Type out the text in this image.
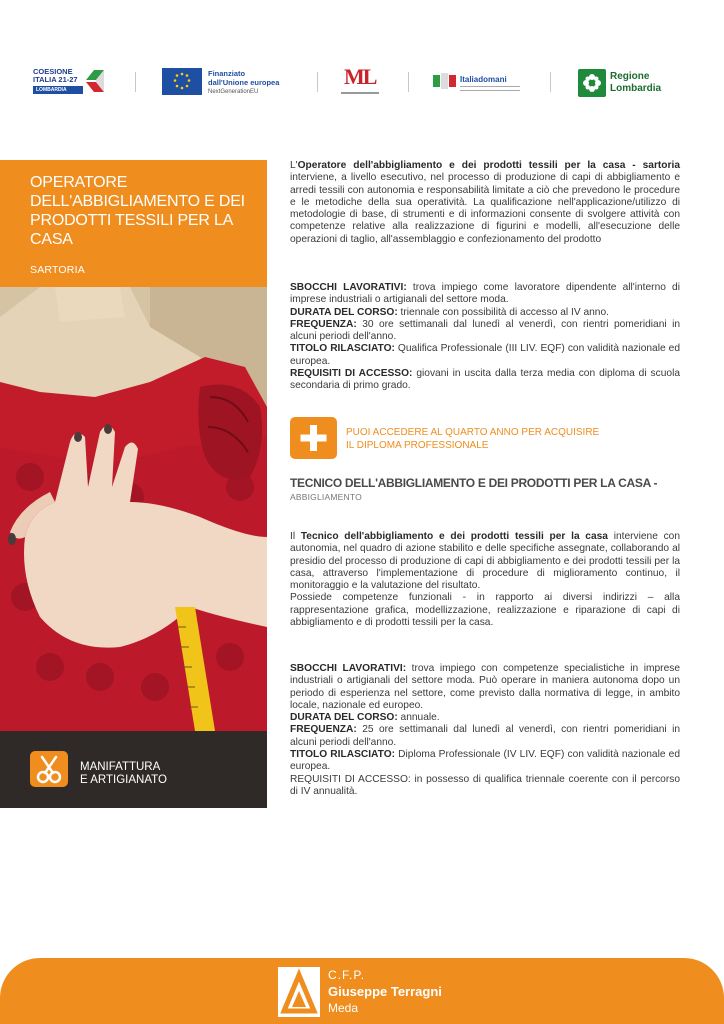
COESIONE
ITALIA 21-27
LOMBARDIA
Finanziato
dall'Unione europea
NextGenerationEU
ML	Italiadomani	Regione
Lombardia
OPERATORE DELL'ABBIGLIAMENTO E DEI PRODOTTI TESSILI PER LA CASA
SARTORIA
MANIFATTURA
E ARTIGIANATO
L'Operatore dell'abbigliamento e dei prodotti tessili per la casa - sartoria interviene, a livello esecutivo, nel processo di produzione di capi di abbigliamento e arredi tessili con autonomia e responsabilità limitate a ciò che prevedono le procedure e le metodiche della sua operatività. La qualificazione nell'applicazione/utilizzo di metodologie di base, di strumenti e di informazioni consente di svolgere attività con competenze relative alla realizzazione di figurini e modelli, all'esecuzione delle operazioni di taglio, all'assemblaggio e confezionamento del prodotto
SBOCCHI LAVORATIVI: trova impiego come lavoratore dipendente all'interno di imprese industriali o artigianali del settore moda.
DURATA DEL CORSO: triennale con possibilità di accesso al IV anno.
FREQUENZA: 30 ore settimanali dal lunedì al venerdì, con rientri pomeridiani in alcuni periodi dell'anno.
TITOLO RILASCIATO: Qualifica Professionale (III LIV. EQF) con validità nazionale ed europea.
REQUISITI DI ACCESSO: giovani in uscita dalla terza media con diploma di scuola secondaria di primo grado.
PUOI ACCEDERE AL QUARTO ANNO PER ACQUISIRE
IL DIPLOMA PROFESSIONALE
TECNICO DELL'ABBIGLIAMENTO E DEI PRODOTTI PER LA CASA -
ABBIGLIAMENTO
Il Tecnico dell'abbigliamento e dei prodotti tessili per la casa interviene con autonomia, nel quadro di azione stabilito e delle specifiche assegnate, collaborando al presidio del processo di produzione di capi di abbigliamento e dei prodotti tessili per la casa, attraverso l'implementazione di procedure di miglioramento continuo, il monitoraggio e la valutazione del risultato.
Possiede competenze funzionali - in rapporto ai diversi indirizzi – alla rappresentazione grafica, modellizzazione, realizzazione e riparazione di capi di abbigliamento e di prodotti tessili per la casa.
SBOCCHI LAVORATIVI: trova impiego con competenze specialistiche in imprese industriali o artigianali del settore moda. Può operare in maniera autonoma dopo un periodo di esperienza nel settore, come previsto dalla normativa di legge, in ambito locale, nazionale ed europeo.
DURATA DEL CORSO: annuale.
FREQUENZA: 25 ore settimanali dal lunedì al venerdì, con rientri pomeridiani in alcuni periodi dell'anno.
TITOLO RILASCIATO: Diploma Professionale (IV LIV. EQF) con validità nazionale ed europea.
REQUISITI DI ACCESSO: in possesso di qualifica triennale coerente con il percorso di IV annualità.
C.F.P.
Giuseppe Terragni
Meda
